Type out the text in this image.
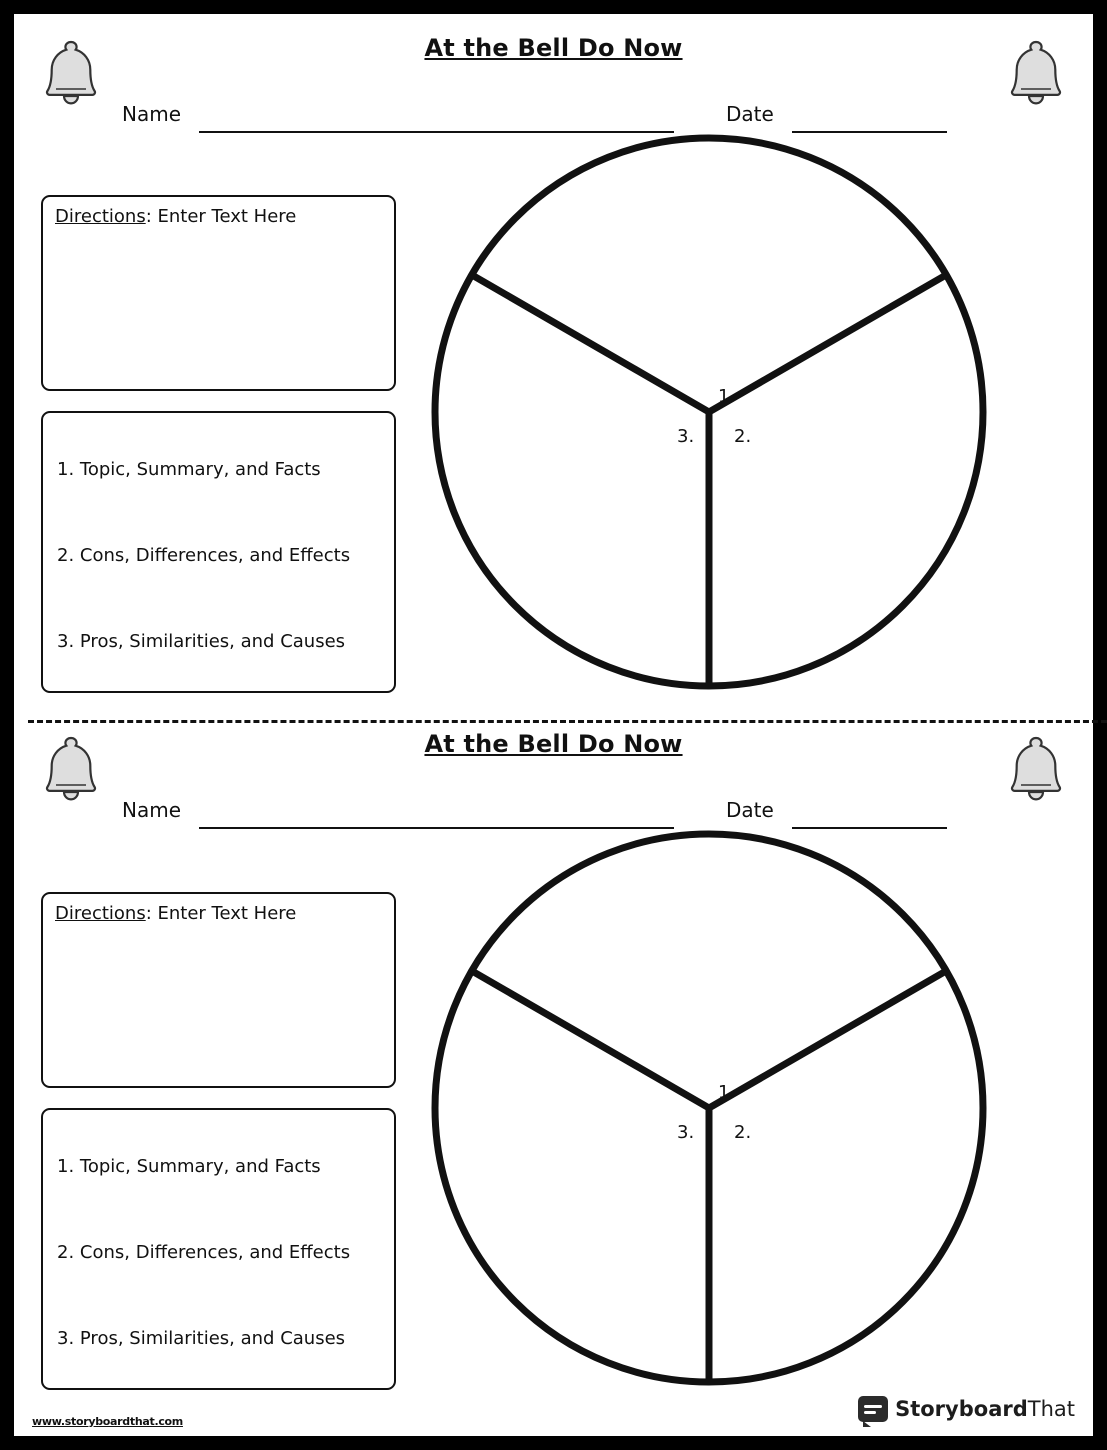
At the Bell Do Now
Name	Date
Directions: Enter Text Here
1. Topic, Summary, and Facts
2. Cons, Differences, and Effects
3. Pros, Similarities, and Causes
1.
3. 2.
At the Bell Do Now
Name	Date
Directions: Enter Text Here
1. Topic, Summary, and Facts
2. Cons, Differences, and Effects
3. Pros, Similarities, and Causes
1.
3. 2.
www.storyboardthat.com
StoryboardThat
